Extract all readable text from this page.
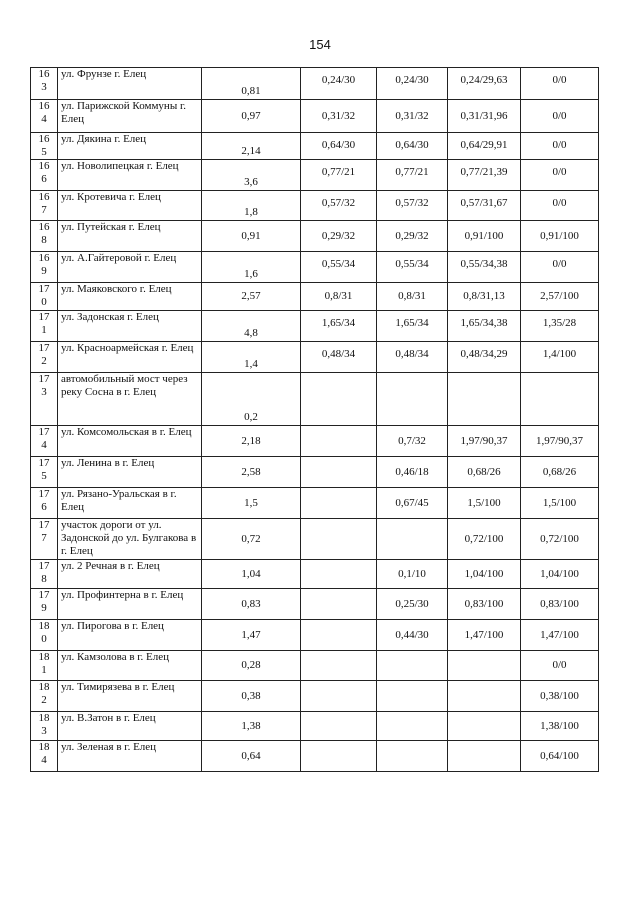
154
16
3	ул. Фрунзе г. Елец	0,81	0,24/30	0,24/30	0,24/29,63	0/0

16
4	ул. Парижской Коммуны г. Елец	0,97	0,31/32	0,31/32	0,31/31,96	0/0

16
5	ул. Дякина г. Елец	2,14	0,64/30	0,64/30	0,64/29,91	0/0

16
6	ул. Новолипецкая г. Елец	3,6	0,77/21	0,77/21	0,77/21,39	0/0

16
7	ул. Кротевича г. Елец	1,8	0,57/32	0,57/32	0,57/31,67	0/0

16
8	ул. Путейская г. Елец	0,91	0,29/32	0,29/32	0,91/100	0,91/100

16
9	ул. А.Гайтеровой г. Елец	1,6	0,55/34	0,55/34	0,55/34,38	0/0

17
0	ул. Маяковского г. Елец	2,57	0,8/31	0,8/31	0,8/31,13	2,57/100

17
1	ул. Задонская г. Елец	4,8	1,65/34	1,65/34	1,65/34,38	1,35/28

17
2	ул. Красноармейская г. Елец	1,4	0,48/34	0,48/34	0,48/34,29	1,4/100

17
3	автомобильный мост через реку Сосна в г. Елец	0,2				

17
4	ул. Комсомольская в г. Елец	2,18		0,7/32	1,97/90,37	1,97/90,37

17
5	ул. Ленина в г. Елец	2,58		0,46/18	0,68/26	0,68/26

17
6	ул. Рязано-Уральская в г. Елец	1,5		0,67/45	1,5/100	1,5/100

17
7	участок дороги от ул. Задонской до ул. Булгакова в г. Елец	0,72			0,72/100	0,72/100

17
8	ул. 2 Речная в г. Елец	1,04		0,1/10	1,04/100	1,04/100

17
9	ул. Профинтерна в г. Елец	0,83		0,25/30	0,83/100	0,83/100

18
0	ул. Пирогова в г. Елец	1,47		0,44/30	1,47/100	1,47/100

18
1	ул. Камзолова в г. Елец	0,28				0/0

18
2	ул. Тимирязева в г. Елец	0,38				0,38/100

18
3	ул. В.Затон в г. Елец	1,38				1,38/100

18
4	ул. Зеленая в г. Елец	0,64				0,64/100
